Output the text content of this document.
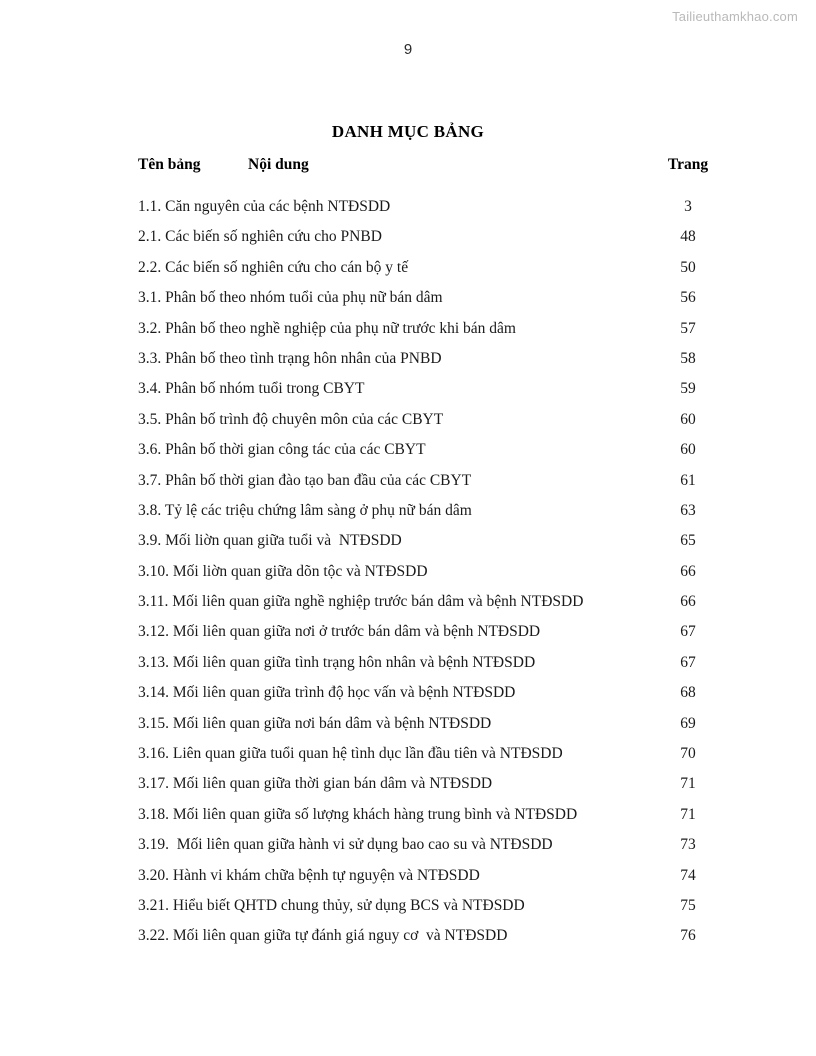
Tailieuthamkhao.com
9
DANH MỤC BẢNG
Tên bảng	Nội dung	Trang
1.1. Căn nguyên của các bệnh NTĐSDD	3
2.1. Các biến số nghiên cứu cho PNBD	48
2.2. Các biến số nghiên cứu cho cán bộ y tế	50
3.1. Phân bố theo nhóm tuổi của phụ nữ bán dâm	56
3.2. Phân bố theo nghề nghiệp của phụ nữ trước khi bán dâm	57
3.3. Phân bố theo tình trạng hôn nhân của PNBD	58
3.4. Phân bố nhóm tuổi trong CBYT	59
3.5. Phân bố trình độ chuyên môn của các CBYT	60
3.6. Phân bố thời gian công tác của các CBYT	60
3.7. Phân bố thời gian đào tạo ban đầu của các CBYT	61
3.8. Tỷ lệ các triệu chứng lâm sàng ở phụ nữ bán dâm	63
3.9. Mối liờn quan giữa tuổi và  NTĐSDD	65
3.10. Mối liờn quan giữa dõn tộc và NTĐSDD	66
3.11. Mối liên quan giữa nghề nghiệp trước bán dâm và bệnh NTĐSDD	66
3.12. Mối liên quan giữa nơi ở trước bán dâm và bệnh NTĐSDD	67
3.13. Mối liên quan giữa tình trạng hôn nhân và bệnh NTĐSDD	67
3.14. Mối liên quan giữa trình độ học vấn và bệnh NTĐSDD	68
3.15. Mối liên quan giữa nơi bán dâm và bệnh NTĐSDD	69
3.16. Liên quan giữa tuổi quan hệ tình dục lần đầu tiên và NTĐSDD	70
3.17. Mối liên quan giữa thời gian bán dâm và NTĐSDD	71
3.18. Mối liên quan giữa số lượng khách hàng trung bình và NTĐSDD	71
3.19.  Mối liên quan giữa hành vi sử dụng bao cao su và NTĐSDD	73
3.20. Hành vi khám chữa bệnh tự nguyện và NTĐSDD	74
3.21. Hiểu biết QHTD chung thủy, sử dụng BCS và NTĐSDD	75
3.22. Mối liên quan giữa tự đánh giá nguy cơ  và NTĐSDD	76
